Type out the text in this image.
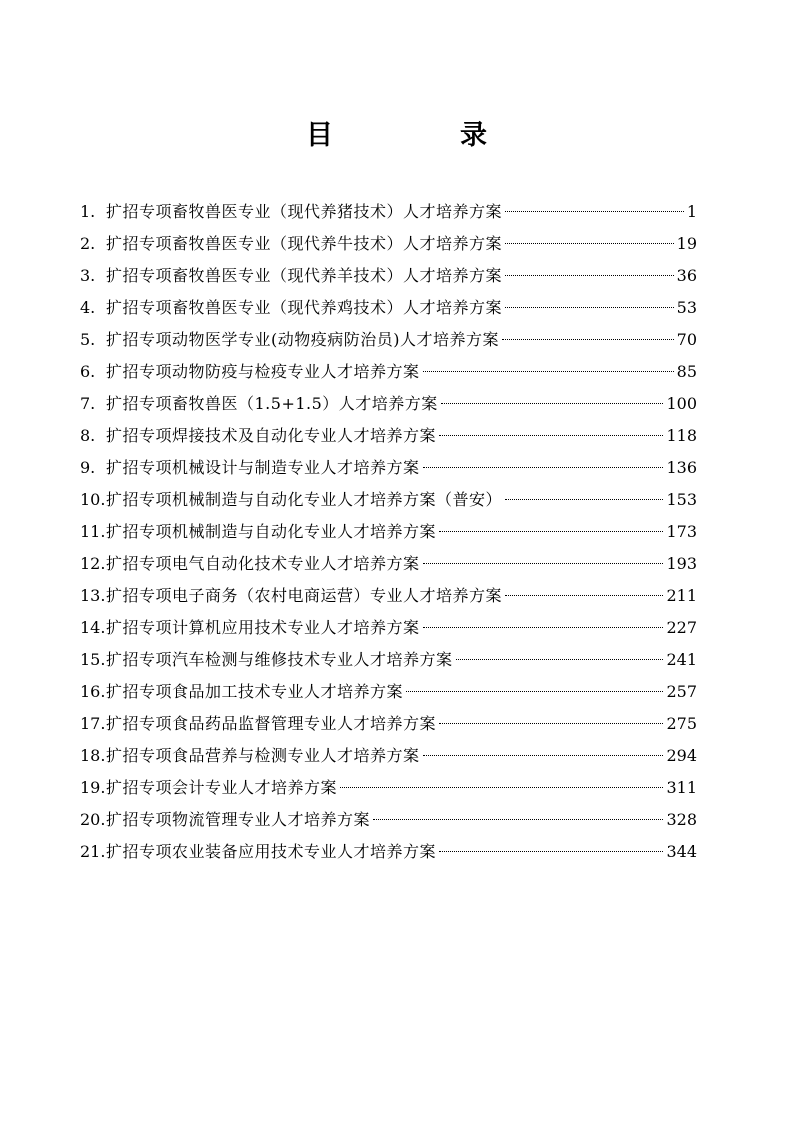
目　录
1. 扩招专项畜牧兽医专业（现代养猪技术）人才培养方案	1
2. 扩招专项畜牧兽医专业（现代养牛技术）人才培养方案	19
3. 扩招专项畜牧兽医专业（现代养羊技术）人才培养方案	36
4. 扩招专项畜牧兽医专业（现代养鸡技术）人才培养方案	53
5. 扩招专项动物医学专业(动物疫病防治员)人才培养方案	70
6. 扩招专项动物防疫与检疫专业人才培养方案	85
7. 扩招专项畜牧兽医（1.5+1.5）人才培养方案	100
8. 扩招专项焊接技术及自动化专业人才培养方案	118
9. 扩招专项机械设计与制造专业人才培养方案	136
10. 扩招专项机械制造与自动化专业人才培养方案（普安）	153
11. 扩招专项机械制造与自动化专业人才培养方案	173
12. 扩招专项电气自动化技术专业人才培养方案	193
13. 扩招专项电子商务（农村电商运营）专业人才培养方案	211
14. 扩招专项计算机应用技术专业人才培养方案	227
15. 扩招专项汽车检测与维修技术专业人才培养方案	241
16. 扩招专项食品加工技术专业人才培养方案	257
17. 扩招专项食品药品监督管理专业人才培养方案	275
18. 扩招专项食品营养与检测专业人才培养方案	294
19. 扩招专项会计专业人才培养方案	311
20. 扩招专项物流管理专业人才培养方案	328
21. 扩招专项农业装备应用技术专业人才培养方案	344
